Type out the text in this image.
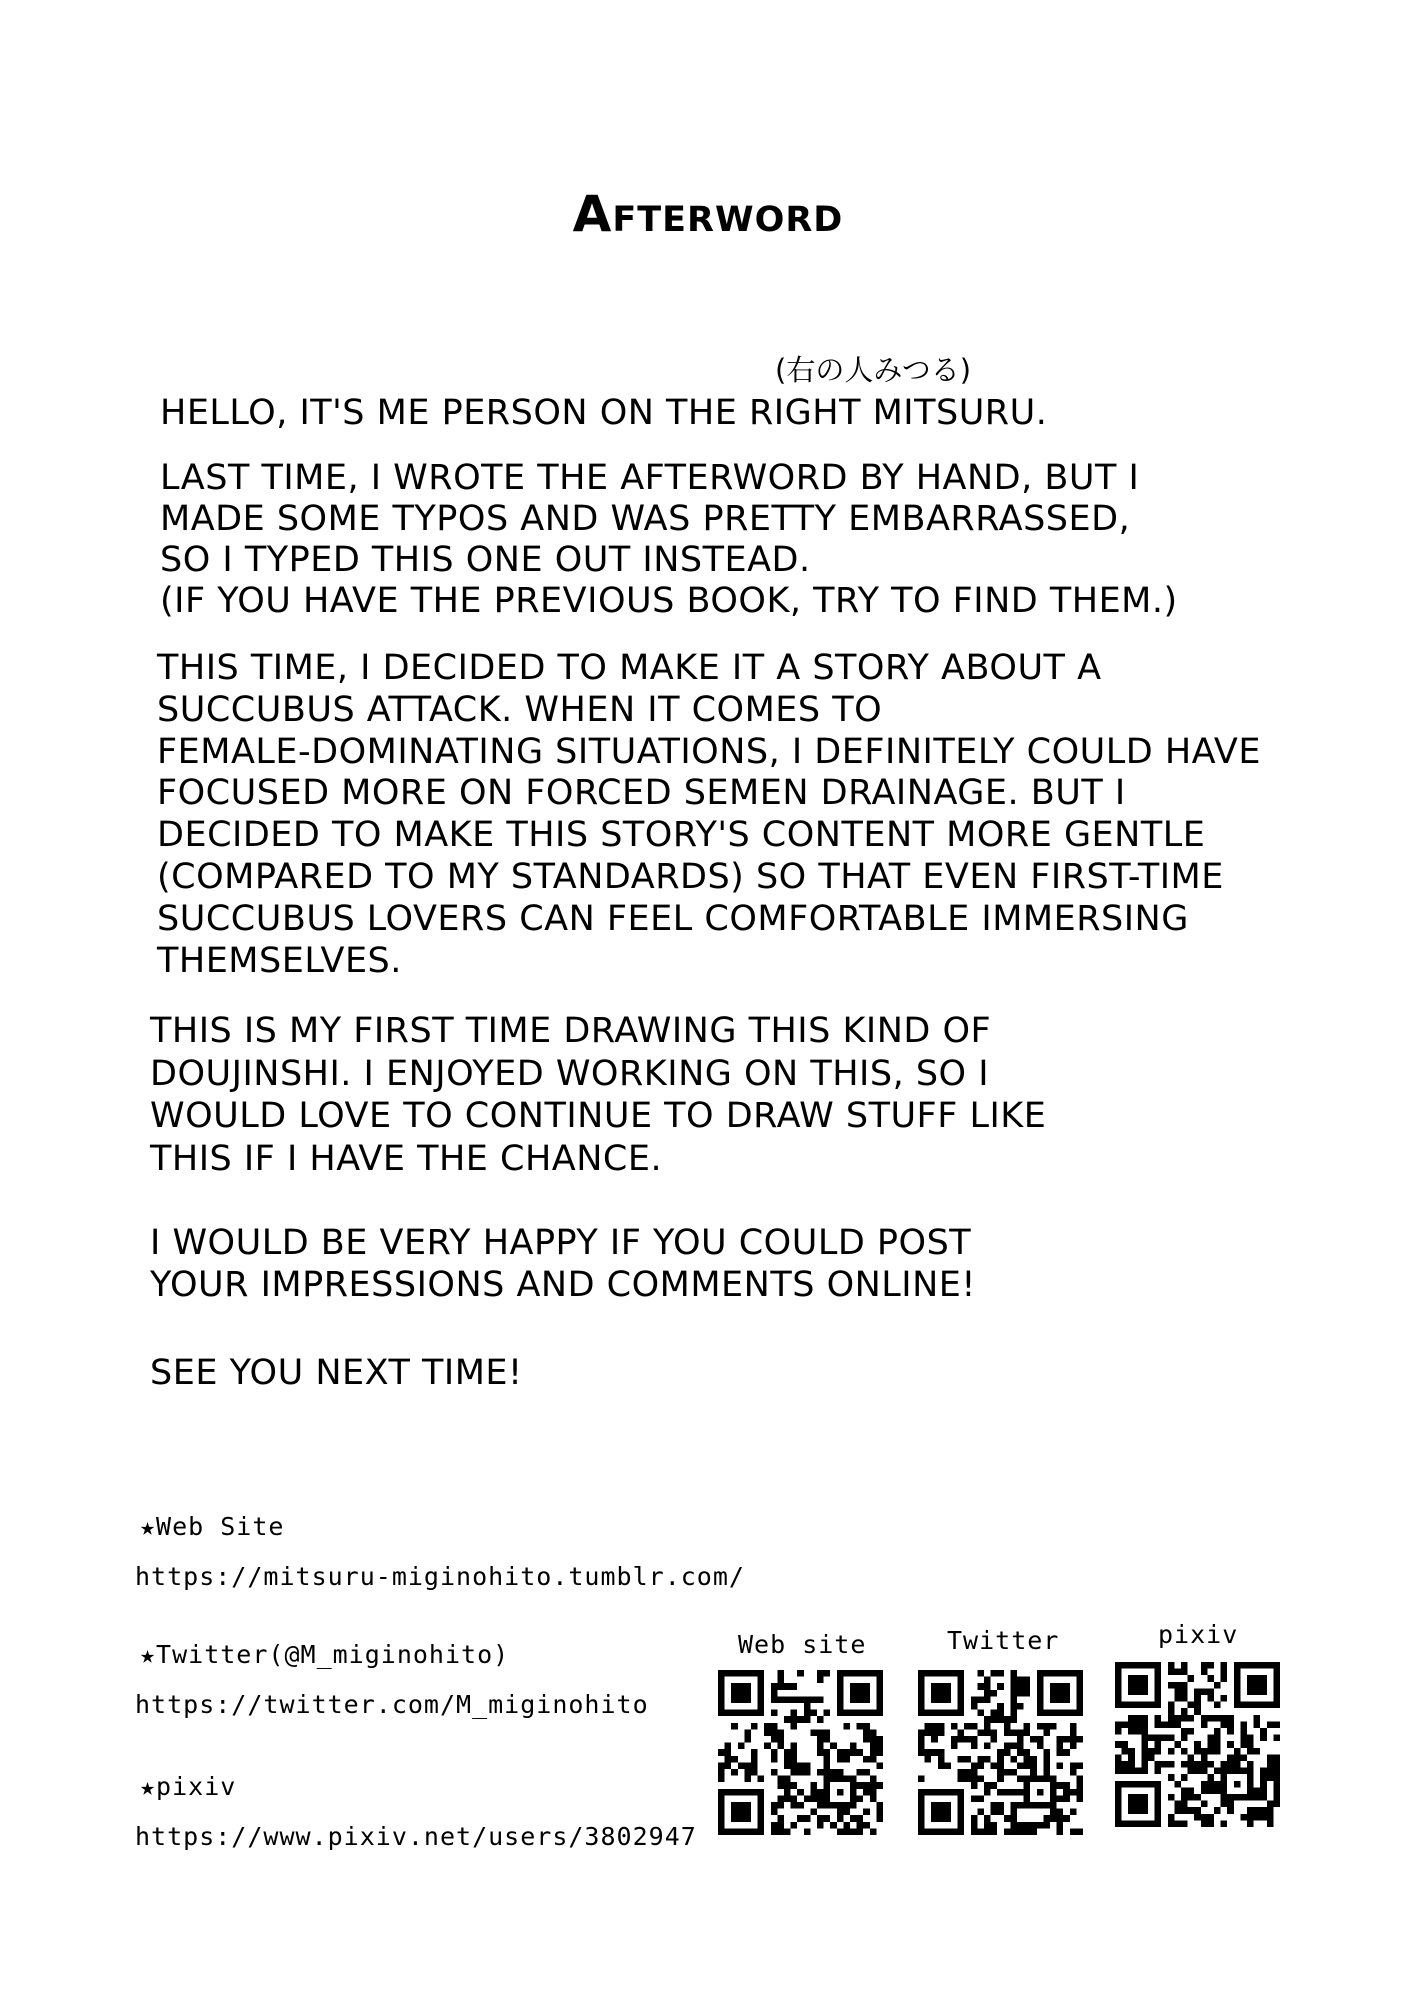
Afterword
(右の人みつる)
HELLO, IT'S ME PERSON ON THE RIGHT MITSURU.
LAST TIME, I WROTE THE AFTERWORD BY HAND, BUT I
MADE SOME TYPOS AND WAS PRETTY EMBARRASSED,
SO I TYPED THIS ONE OUT INSTEAD.
(IF YOU HAVE THE PREVIOUS BOOK, TRY TO FIND THEM.)
THIS TIME, I DECIDED TO MAKE IT A STORY ABOUT A
SUCCUBUS ATTACK. WHEN IT COMES TO
FEMALE-DOMINATING SITUATIONS, I DEFINITELY COULD HAVE
FOCUSED MORE ON FORCED SEMEN DRAINAGE. BUT I
DECIDED TO MAKE THIS STORY'S CONTENT MORE GENTLE
(COMPARED TO MY STANDARDS) SO THAT EVEN FIRST-TIME
SUCCUBUS LOVERS CAN FEEL COMFORTABLE IMMERSING
THEMSELVES.
THIS IS MY FIRST TIME DRAWING THIS KIND OF
DOUJINSHI. I ENJOYED WORKING ON THIS, SO I
WOULD LOVE TO CONTINUE TO DRAW STUFF LIKE
THIS IF I HAVE THE CHANCE.
I WOULD BE VERY HAPPY IF YOU COULD POST
YOUR IMPRESSIONS AND COMMENTS ONLINE!
SEE YOU NEXT TIME!
★Web Site
https://mitsuru-miginohito.tumblr.com/
★Twitter(@M_miginohito)
https://twitter.com/M_miginohito
★pixiv
https://www.pixiv.net/users/3802947
Web site	Twitter	pixiv
